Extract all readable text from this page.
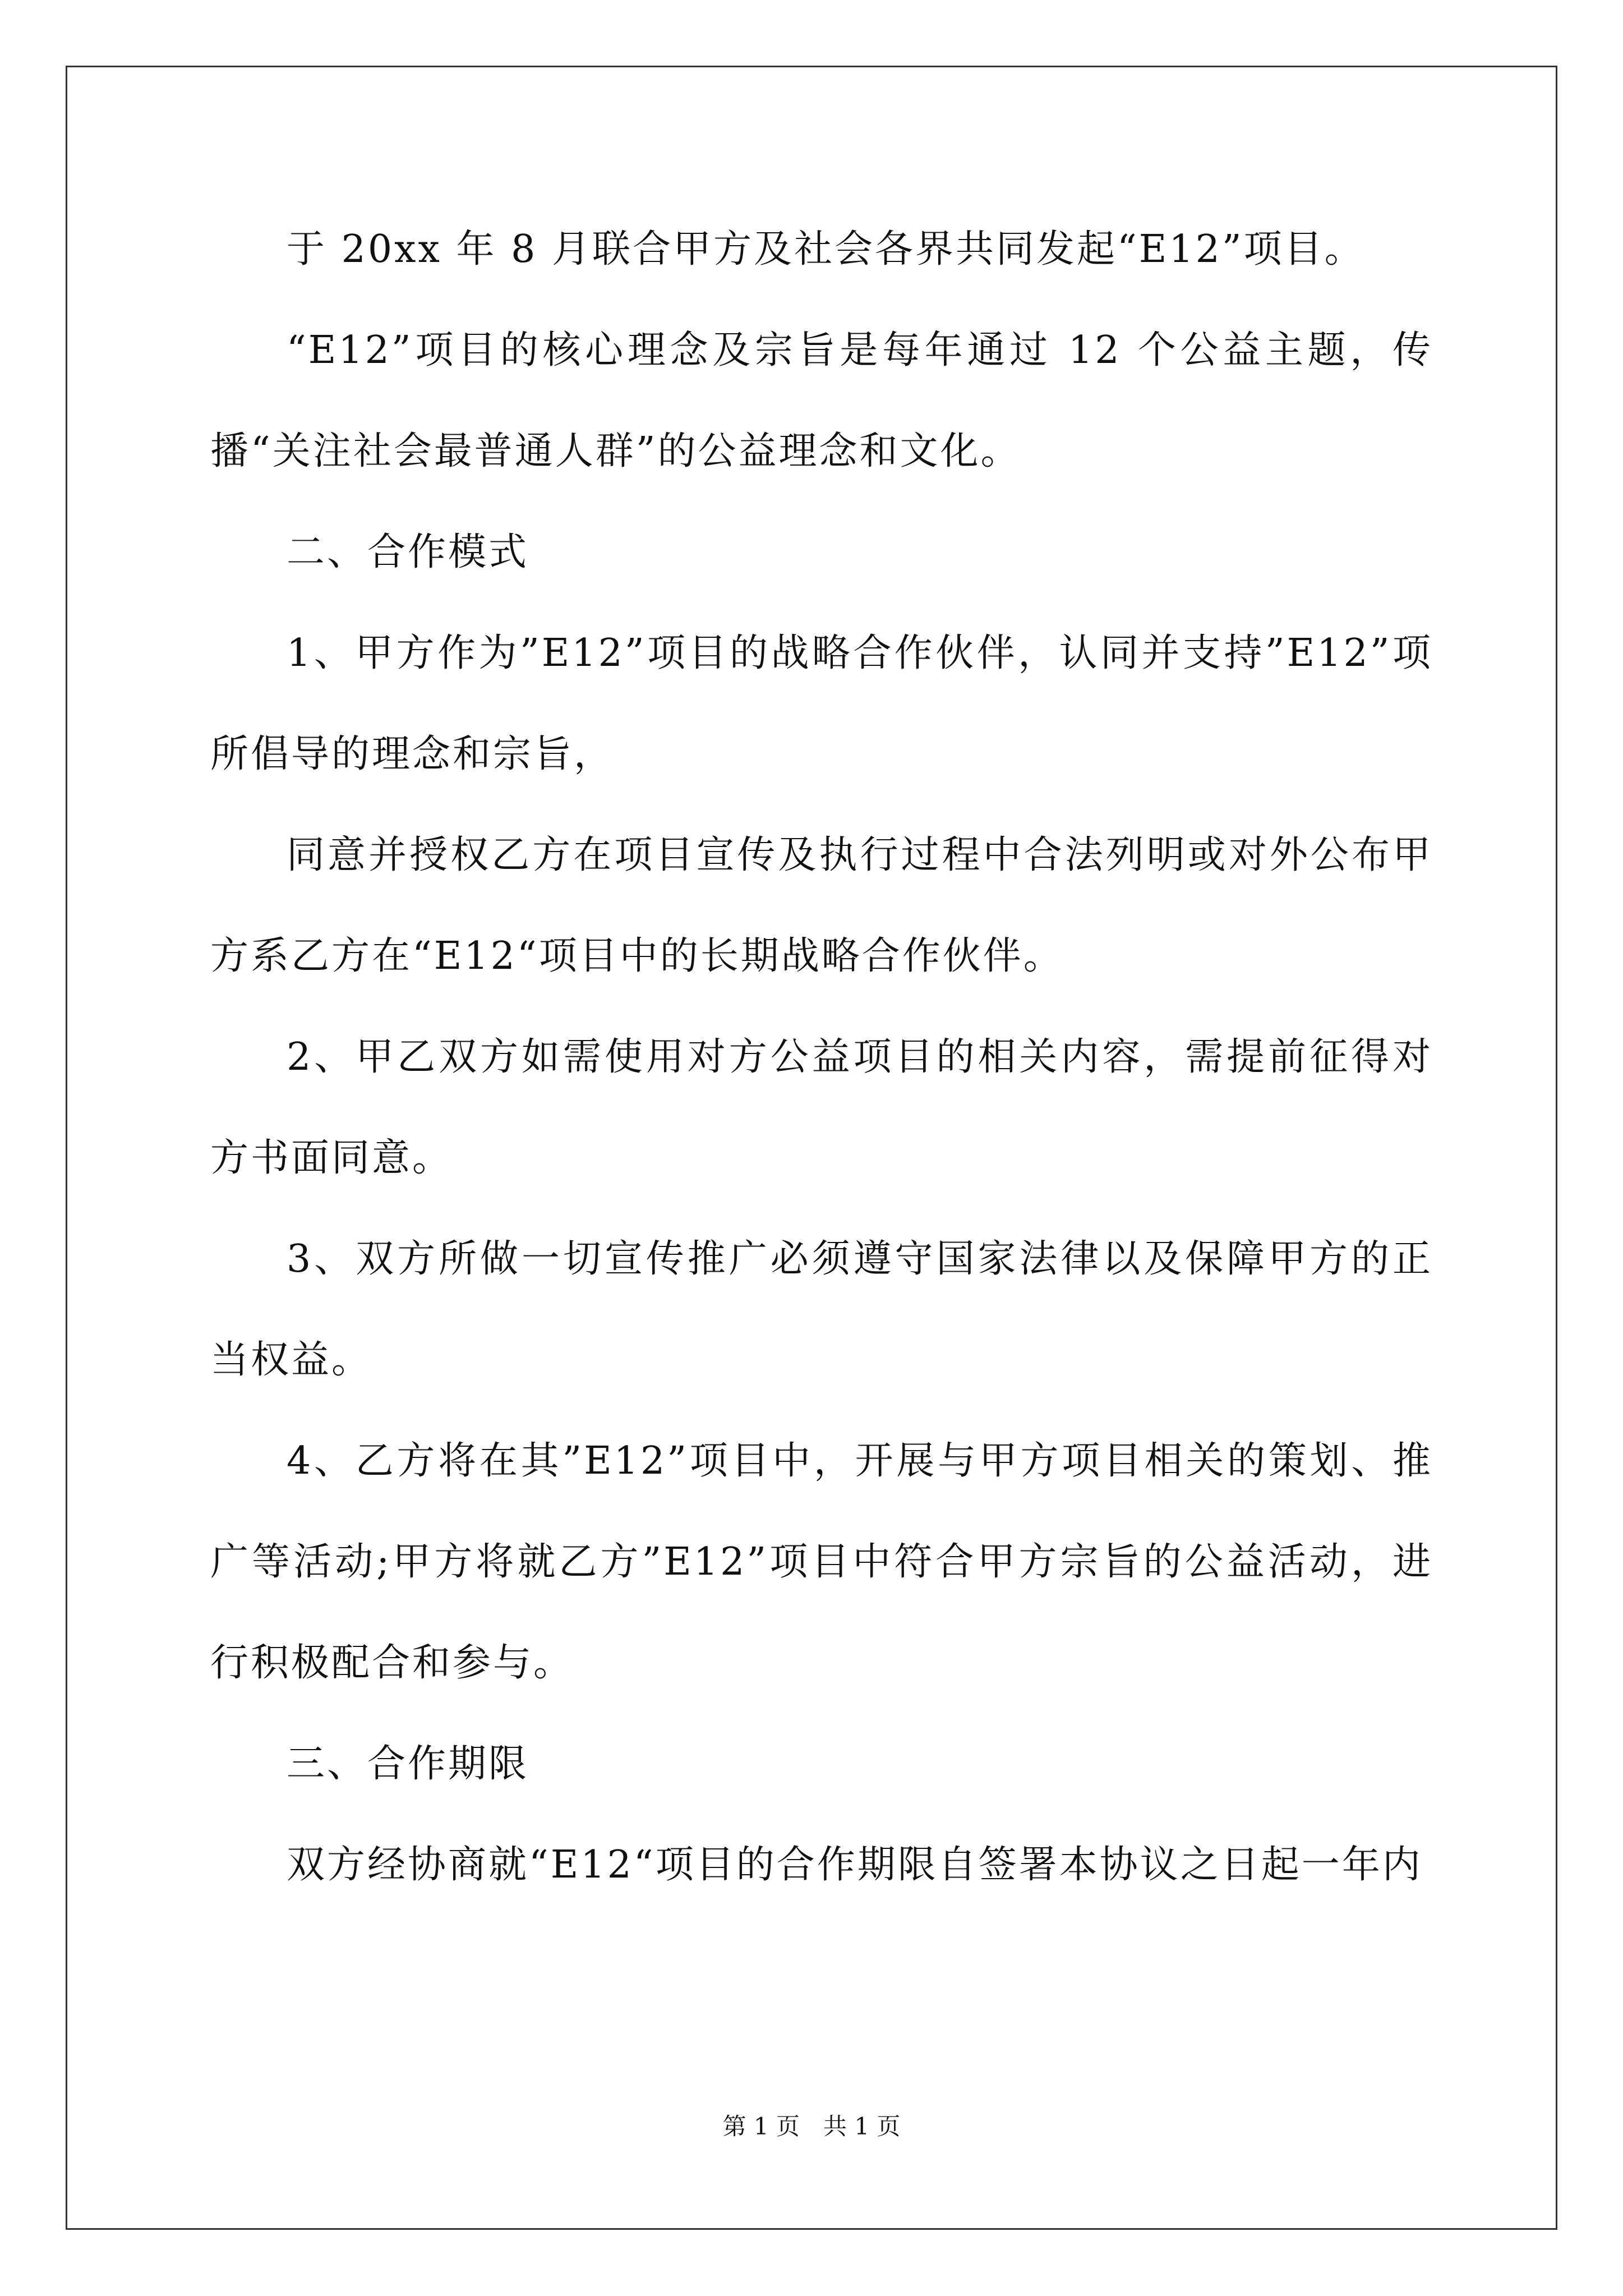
于 20xx 年 8 月联合甲方及社会各界共同发起“E12”项目。

“E12”项目的核心理念及宗旨是每年通过 12 个公益主题，传播“关注社会最普通人群”的公益理念和文化。

二、合作模式

1、甲方作为”E12”项目的战略合作伙伴，认同并支持”E12”项所倡导的理念和宗旨，

同意并授权乙方在项目宣传及执行过程中合法列明或对外公布甲方系乙方在“E12“项目中的长期战略合作伙伴。

2、甲乙双方如需使用对方公益项目的相关内容，需提前征得对方书面同意。

3、双方所做一切宣传推广必须遵守国家法律以及保障甲方的正当权益。

4、乙方将在其”E12”项目中，开展与甲方项目相关的策划、推广等活动;甲方将就乙方”E12”项目中符合甲方宗旨的公益活动，进行积极配合和参与。

三、合作期限

双方经协商就“E12“项目的合作期限自签署本协议之日起一年内

第 1 页　共 1 页
